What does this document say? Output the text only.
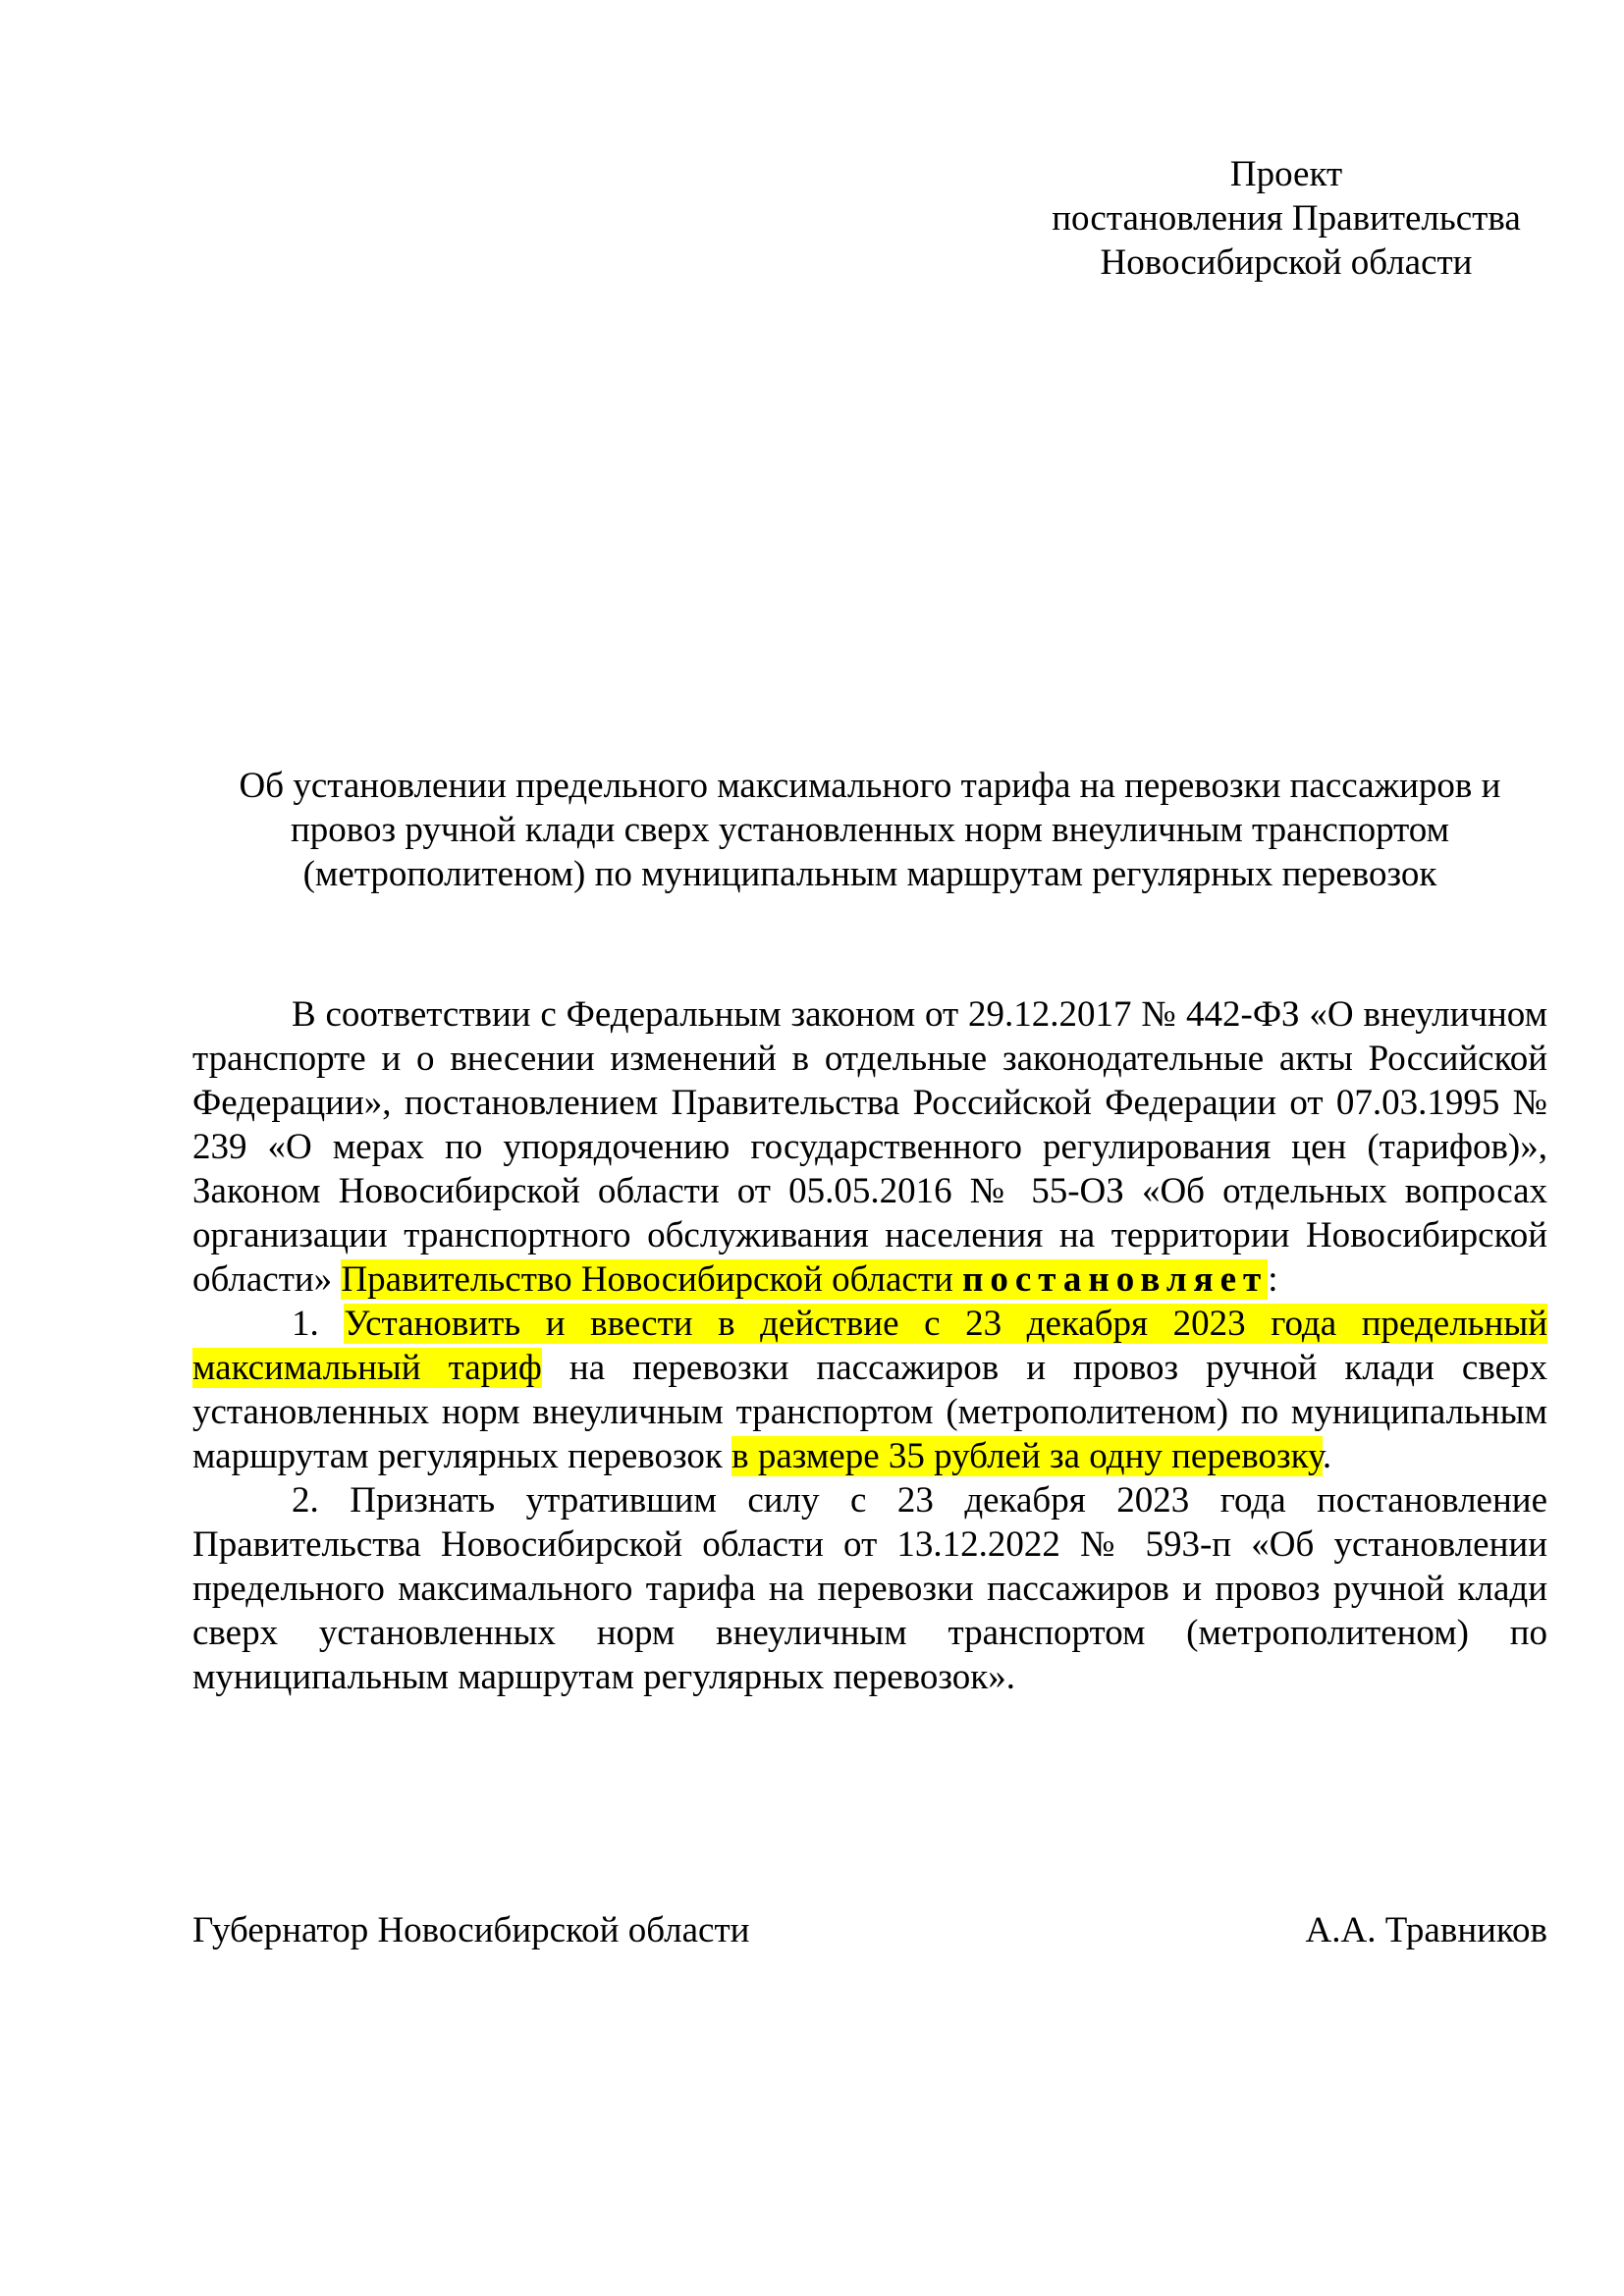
Проект
постановления Правительства
Новосибирской области
Об установлении предельного максимального тарифа на перевозки пассажиров и
провоз ручной клади сверх установленных норм внеуличным транспортом
(метрополитеном) по муниципальным маршрутам регулярных перевозок

В соответствии с Федеральным законом от 29.12.2017 № 442-ФЗ «О внеуличном транспорте и о внесении изменений в отдельные законодательные акты Российской Федерации», постановлением Правительства Российской Федерации от 07.03.1995 № 239 «О мерах по упорядочению государственного регулирования цен (тарифов)», Законом Новосибирской области от 05.05.2016 № 55-ОЗ «Об отдельных вопросах организации транспортного обслуживания населения на территории Новосибирской области» Правительство Новосибирской области постановляет:

1. Установить и ввести в действие с 23 декабря 2023 года предельный максимальный тариф на перевозки пассажиров и провоз ручной клади сверх установленных норм внеуличным транспортом (метрополитеном) по муниципальным маршрутам регулярных перевозок в размере 35 рублей за одну перевозку.

2. Признать утратившим силу с 23 декабря 2023 года постановление Правительства Новосибирской области от 13.12.2022 № 593-п «Об установлении предельного максимального тарифа на перевозки пассажиров и провоз ручной клади сверх установленных норм внеуличным транспортом (метрополитеном) по муниципальным маршрутам регулярных перевозок».

Губернатор Новосибирской области	А.А. Травников
